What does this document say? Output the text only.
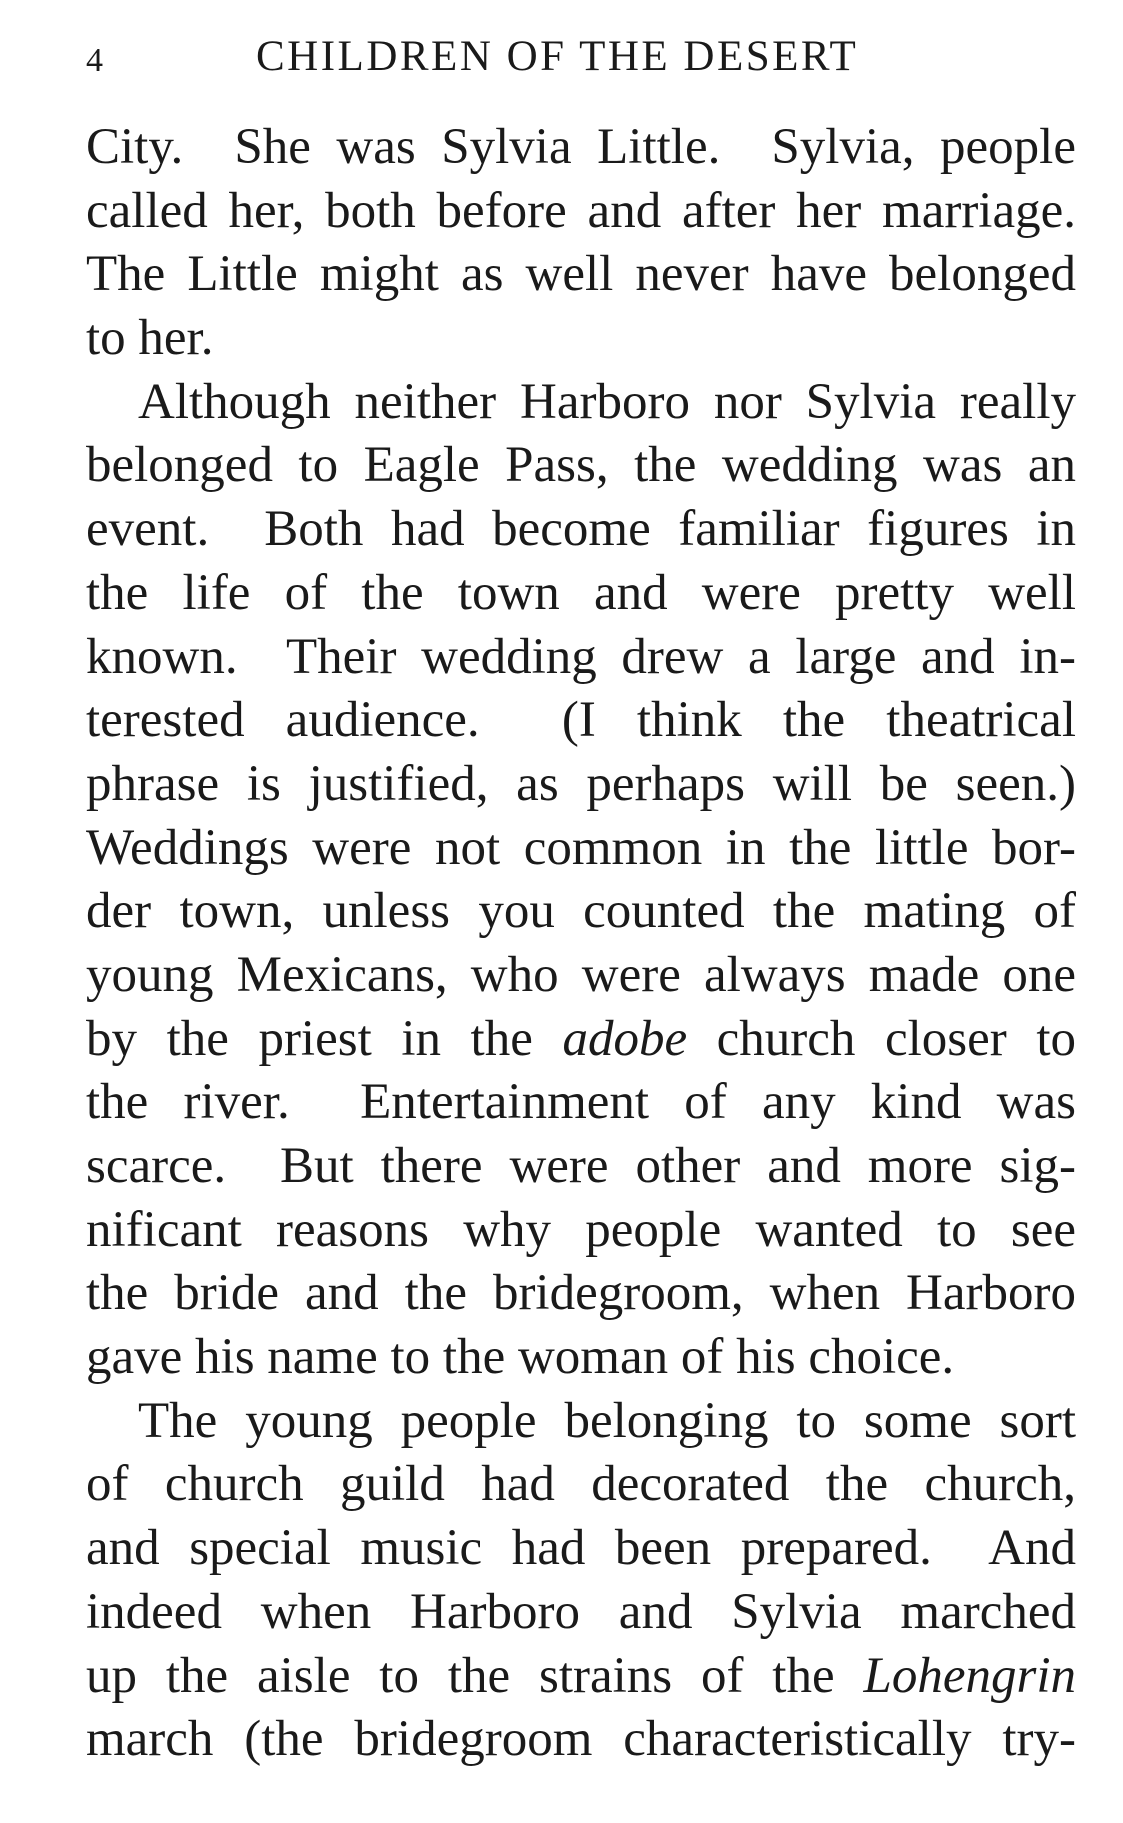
4	CHILDREN OF THE DESERT
City.  She was Sylvia Little.  Sylvia, people
called her, both before and after her marriage.
The Little might as well never have belonged
to her.
Although neither Harboro nor Sylvia really
belonged to Eagle Pass, the wedding was an
event.  Both had become familiar figures in
the life of the town and were pretty well
known.  Their wedding drew a large and in-
terested audience.  (I think the theatrical
phrase is justified, as perhaps will be seen.)
Weddings were not common in the little bor-
der town, unless you counted the mating of
young Mexicans, who were always made one
by the priest in the adobe church closer to
the river.  Entertainment of any kind was
scarce.  But there were other and more sig-
nificant reasons why people wanted to see
the bride and the bridegroom, when Harboro
gave his name to the woman of his choice.
The young people belonging to some sort
of church guild had decorated the church,
and special music had been prepared.  And
indeed when Harboro and Sylvia marched
up the aisle to the strains of the Lohengrin
march (the bridegroom characteristically try-
